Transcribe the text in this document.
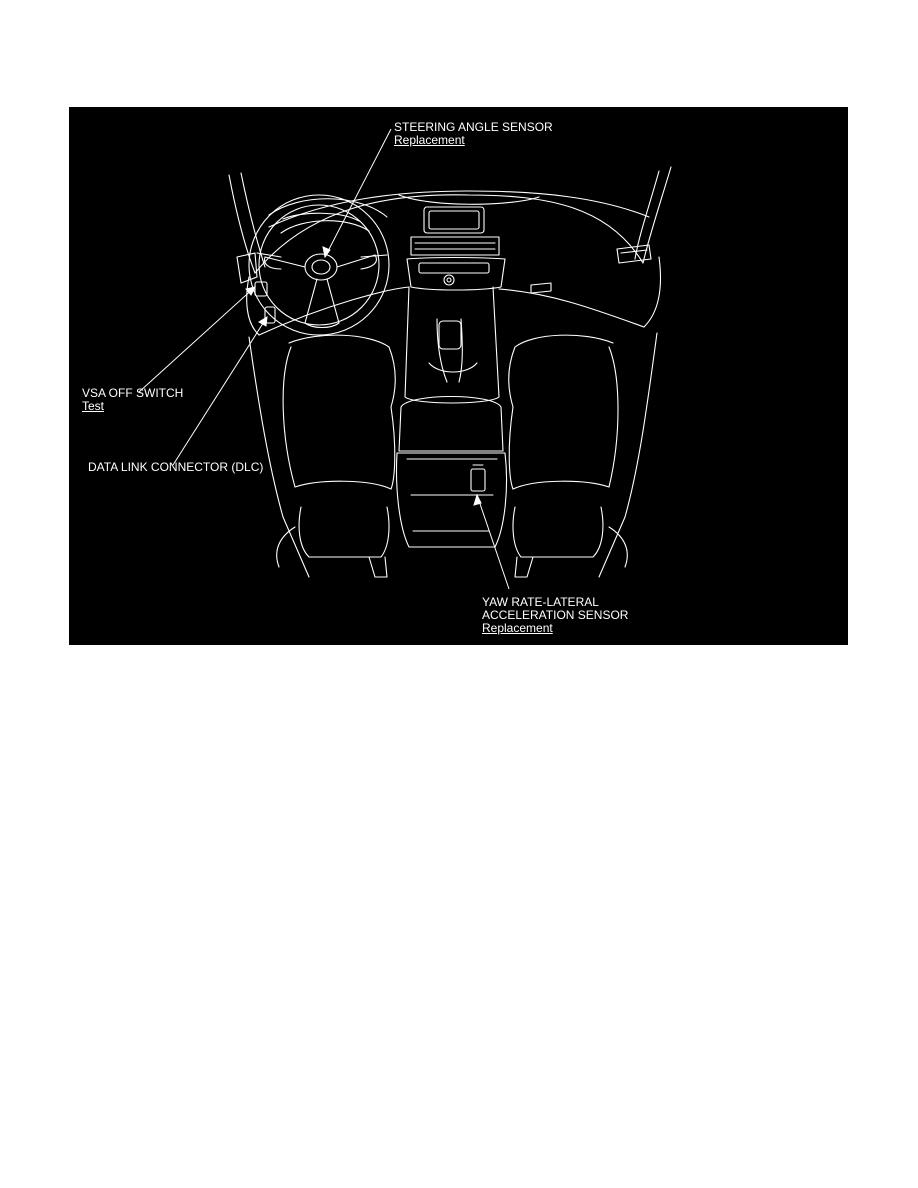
STEERING ANGLE SENSOR
Replacement
VSA OFF SWITCH
Test
DATA LINK CONNECTOR (DLC)
YAW RATE-LATERAL
ACCELERATION SENSOR
Replacement
